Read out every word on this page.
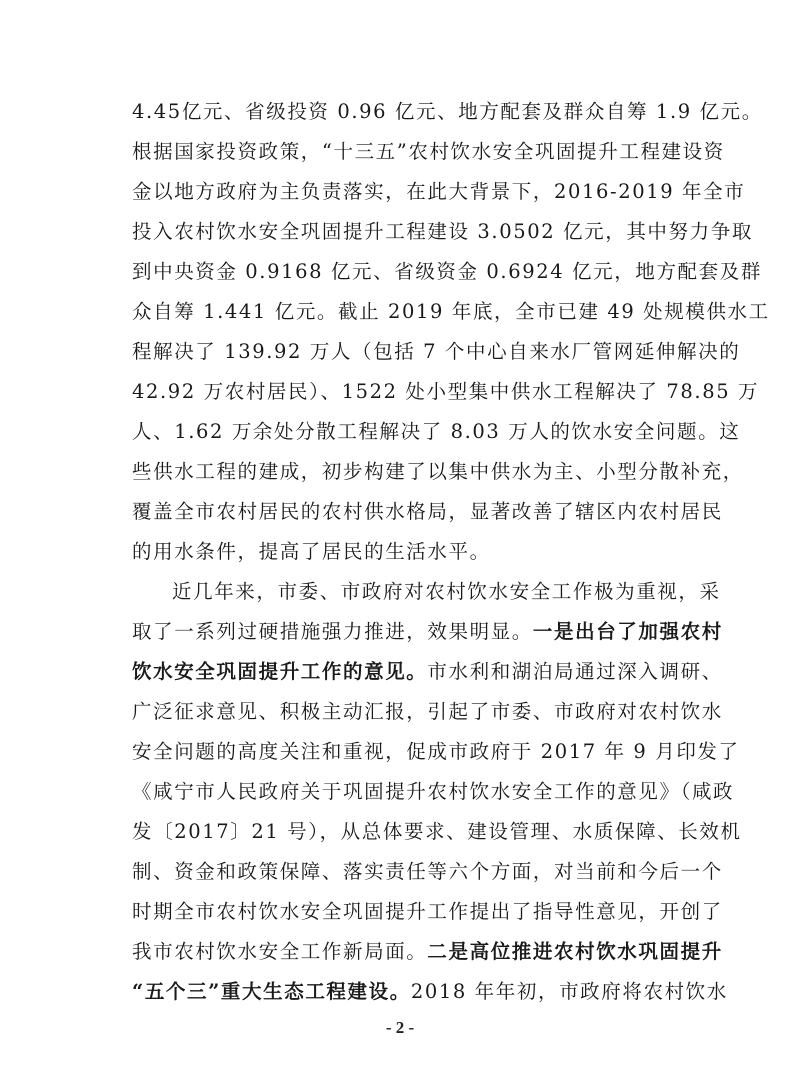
4.45亿元、省级投资 0.96 亿元、地方配套及群众自筹 1.9 亿元。
根据国家投资政策，“十三五”农村饮水安全巩固提升工程建设资
金以地方政府为主负责落实，在此大背景下，2016-2019 年全市
投入农村饮水安全巩固提升工程建设 3.0502 亿元，其中努力争取
到中央资金 0.9168 亿元、省级资金 0.6924 亿元，地方配套及群
众自筹 1.441 亿元。截止 2019 年底，全市已建 49 处规模供水工
程解决了 139.92 万人（包括 7 个中心自来水厂管网延伸解决的
42.92 万农村居民）、1522 处小型集中供水工程解决了 78.85 万
人、1.62 万余处分散工程解决了 8.03 万人的饮水安全问题。这
些供水工程的建成，初步构建了以集中供水为主、小型分散补充，
覆盖全市农村居民的农村供水格局，显著改善了辖区内农村居民
的用水条件，提高了居民的生活水平。
近几年来，市委、市政府对农村饮水安全工作极为重视，采
取了一系列过硬措施强力推进，效果明显。一是出台了加强农村
饮水安全巩固提升工作的意见。市水利和湖泊局通过深入调研、
广泛征求意见、积极主动汇报，引起了市委、市政府对农村饮水
安全问题的高度关注和重视，促成市政府于 2017 年 9 月印发了
《咸宁市人民政府关于巩固提升农村饮水安全工作的意见》（咸政
发〔2017〕21 号），从总体要求、建设管理、水质保障、长效机
制、资金和政策保障、落实责任等六个方面，对当前和今后一个
时期全市农村饮水安全巩固提升工作提出了指导性意见，开创了
我市农村饮水安全工作新局面。二是高位推进农村饮水巩固提升
“五个三”重大生态工程建设。2018 年年初，市政府将农村饮水
- 2 -
